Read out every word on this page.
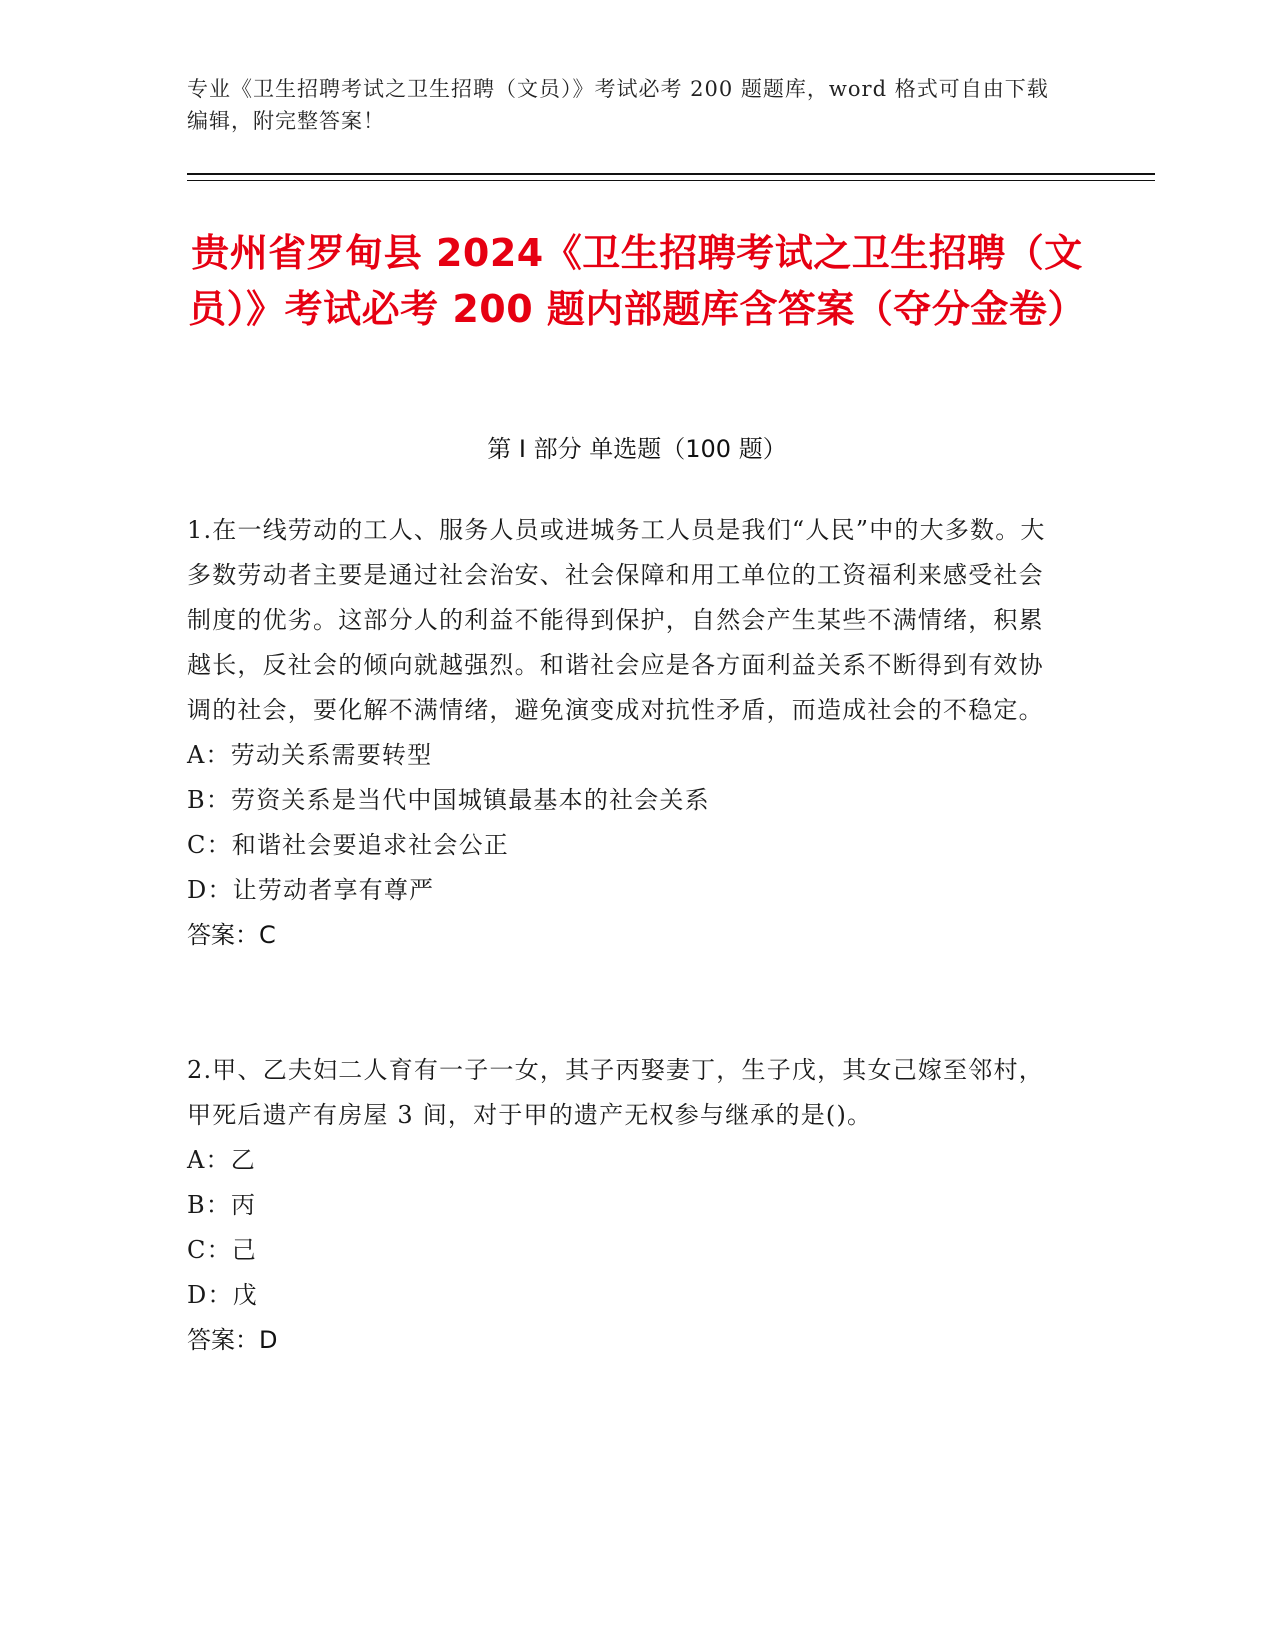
专业《卫生招聘考试之卫生招聘（文员）》考试必考 200 题题库，word 格式可自由下载编辑，附完整答案！
贵州省罗甸县 2024《卫生招聘考试之卫生招聘（文员）》考试必考 200 题内部题库含答案（夺分金卷）
第 I 部分 单选题（100 题）

1.在一线劳动的工人、服务人员或进城务工人员是我们“人民”中的大多数。大多数劳动者主要是通过社会治安、社会保障和用工单位的工资福利来感受社会制度的优劣。这部分人的利益不能得到保护，自然会产生某些不满情绪，积累越长，反社会的倾向就越强烈。和谐社会应是各方面利益关系不断得到有效协调的社会，要化解不满情绪，避免演变成对抗性矛盾，而造成社会的不稳定。

A：劳动关系需要转型

B：劳资关系是当代中国城镇最基本的社会关系

C：和谐社会要追求社会公正

D：让劳动者享有尊严

答案：C

2.甲、乙夫妇二人育有一子一女，其子丙娶妻丁，生子戊，其女己嫁至邻村，甲死后遗产有房屋 3 间，对于甲的遗产无权参与继承的是()。

A：乙

B：丙

C：己

D：戊

答案：D
